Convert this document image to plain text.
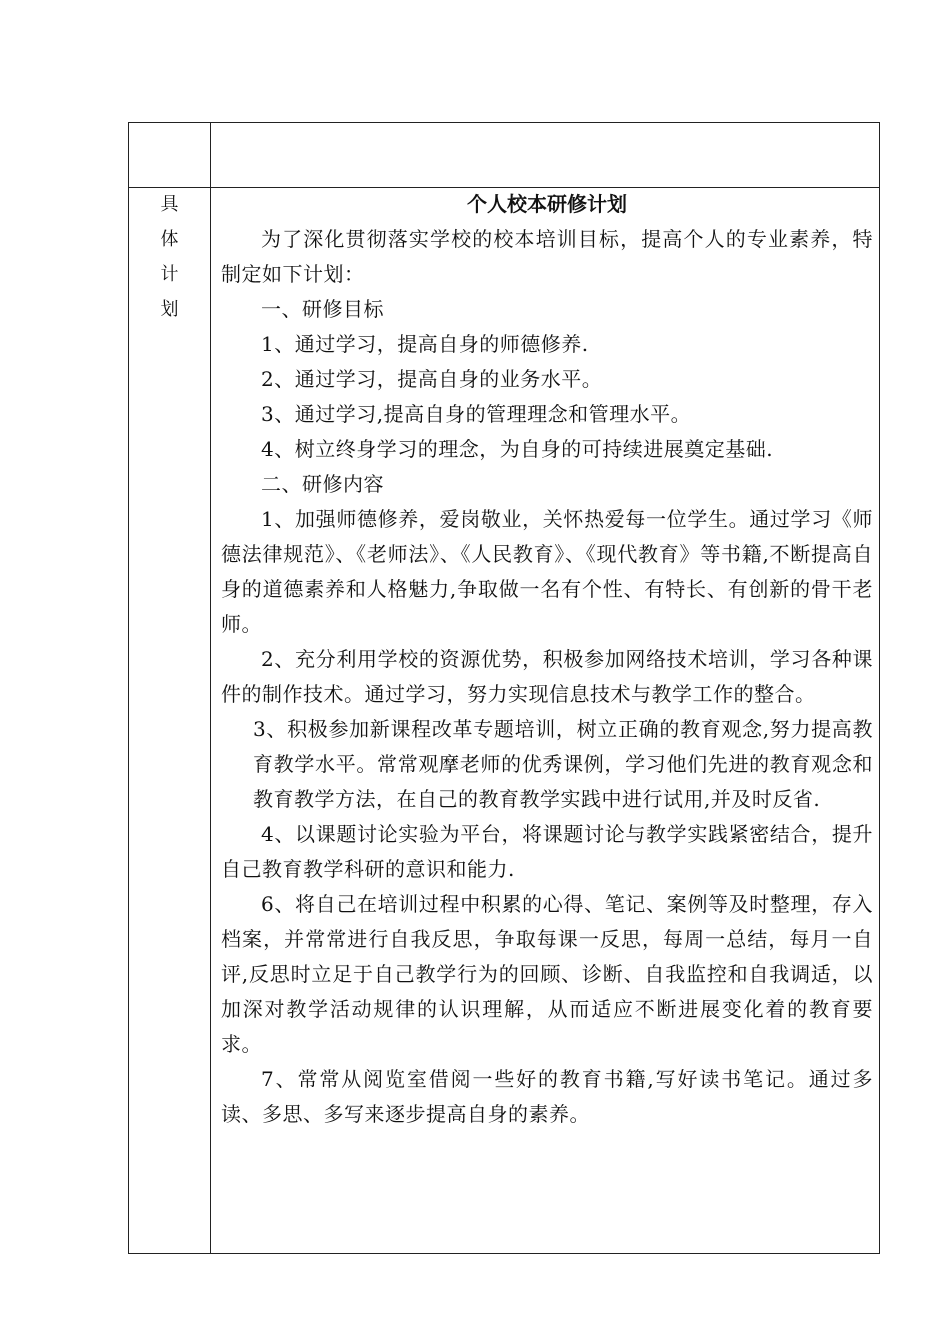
具
体
计
划
个人校本研修计划

为了深化贯彻落实学校的校本培训目标，提高个人的专业素养，特制定如下计划：

一、研修目标

1、通过学习，提高自身的师德修养.

2、通过学习，提高自身的业务水平。

3、通过学习,提高自身的管理理念和管理水平。

4、树立终身学习的理念，为自身的可持续进展奠定基础.

二、研修内容

1、加强师德修养，爱岗敬业，关怀热爱每一位学生。通过学习《师德法律规范》、《老师法》、《人民教育》、《现代教育》等书籍,不断提高自身的道德素养和人格魅力,争取做一名有个性、有特长、有创新的骨干老师。

2、充分利用学校的资源优势，积极参加网络技术培训，学习各种课件的制作技术。通过学习，努力实现信息技术与教学工作的整合。

3、积极参加新课程改革专题培训，树立正确的教育观念,努力提高教育教学水平。常常观摩老师的优秀课例，学习他们先进的教育观念和教育教学方法，在自己的教育教学实践中进行试用,并及时反省.

4、以课题讨论实验为平台，将课题讨论与教学实践紧密结合，提升自己教育教学科研的意识和能力.

6、将自己在培训过程中积累的心得、笔记、案例等及时整理，存入档案，并常常进行自我反思，争取每课一反思，每周一总结，每月一自评,反思时立足于自己教学行为的回顾、诊断、自我监控和自我调适，以加深对教学活动规律的认识理解，从而适应不断进展变化着的教育要求。

7、常常从阅览室借阅一些好的教育书籍,写好读书笔记。通过多读、多思、多写来逐步提高自身的素养。
